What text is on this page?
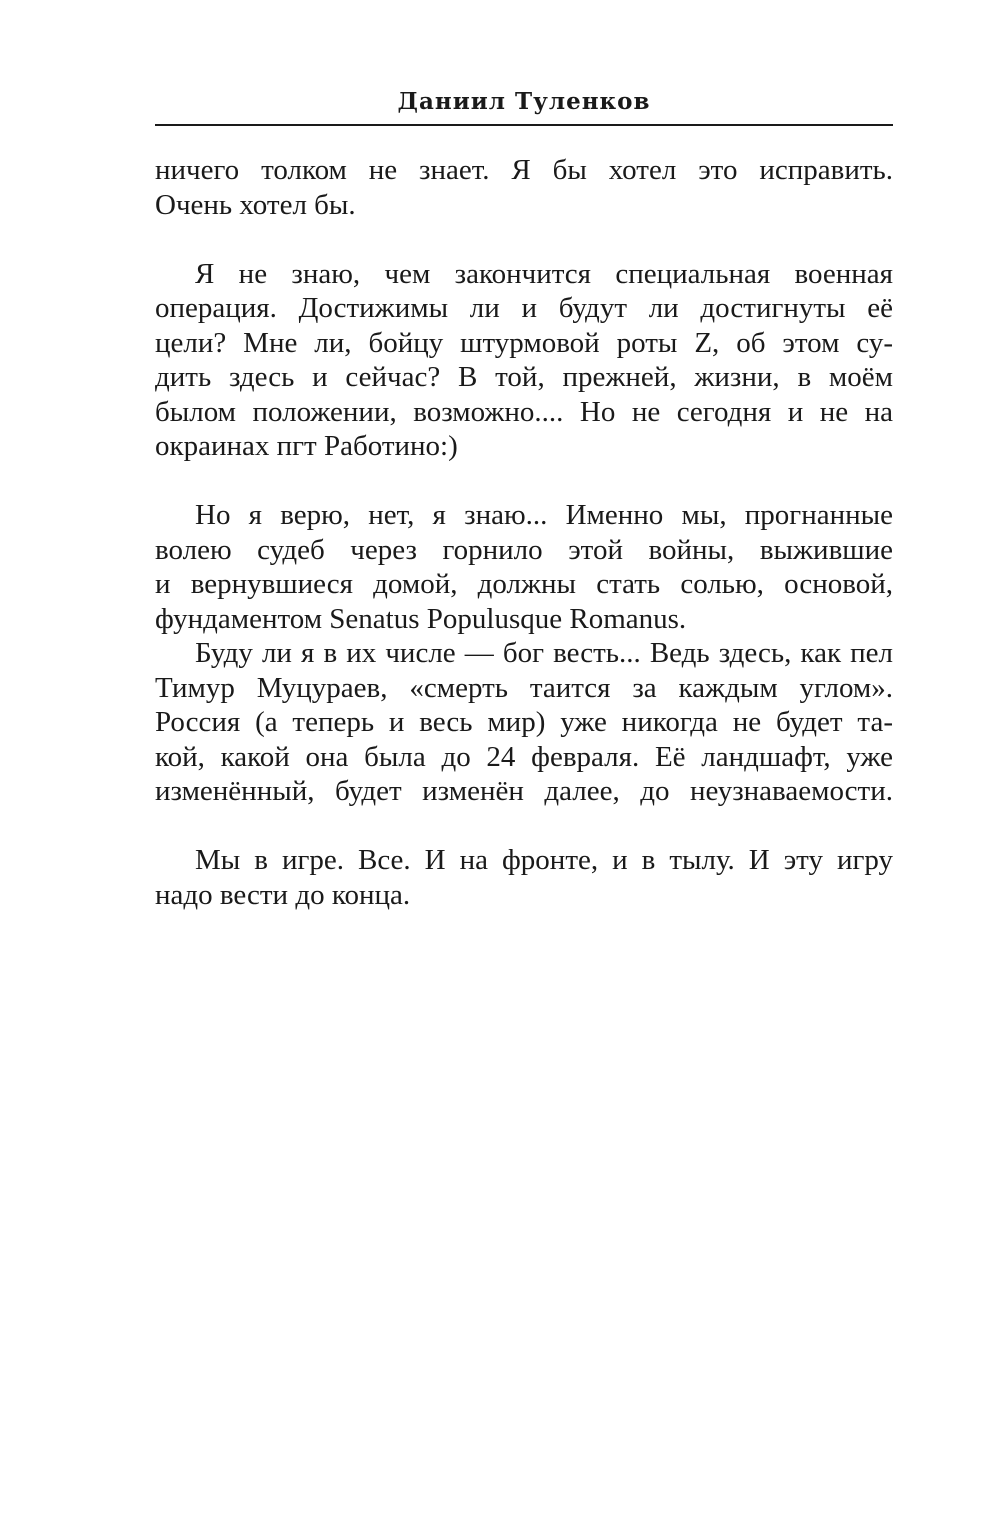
Даниил Туленков
ничего толком не знает. Я бы хотел это исправить.
Очень хотел бы.
Я не знаю, чем закончится специальная военная
операция. Достижимы ли и будут ли достигнуты её
цели? Мне ли, бойцу штурмовой роты Z, об этом су-
дить здесь и сейчас? В той, прежней, жизни, в моём
былом положении, возможно.... Но не сегодня и не на
окраинах пгт Работино:)
Но я верю, нет, я знаю... Именно мы, прогнанные
волею судеб через горнило этой войны, выжившие
и вернувшиеся домой, должны стать солью, основой,
фундаментом Senatus Populusque Romanus.
Буду ли я в их числе — бог весть... Ведь здесь, как пел
Тимур Муцураев, «смерть таится за каждым углом».
Россия (а теперь и весь мир) уже никогда не будет та-
кой, какой она была до 24 февраля. Её ландшафт, уже
изменённый, будет изменён далее, до неузнаваемости.
Мы в игре. Все. И на фронте, и в тылу. И эту игру
надо вести до конца.
